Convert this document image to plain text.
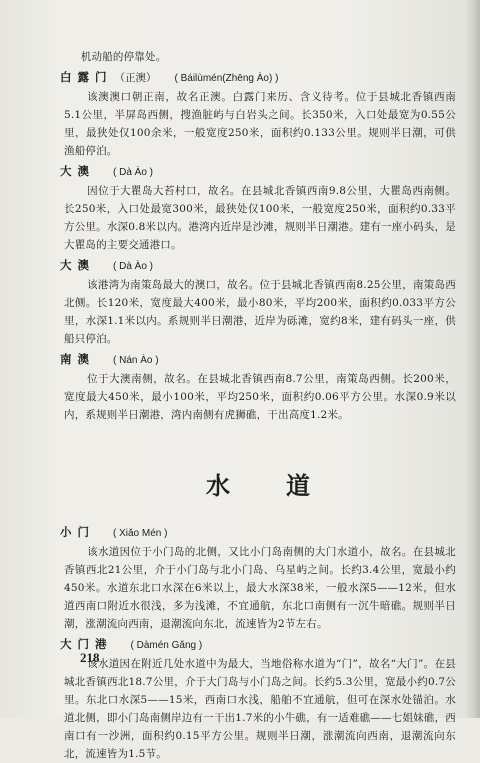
机动船的停靠处。

白露门 （正澳） ( Báilùmén(Zhēng Ào) )

该澳澳口朝正南，故名正澳。白露门来历、含义待考。位于县城北香镇西南5.1公里，半屏岛西侧，搜渔脏屿与白岩头之间。长350米，入口处最宽为0.55公里，最狭处仅100余米，一般宽度250米，面积约0.133公里。规则半日潮，可供渔船停泊。

大澳 ( Dà Ào )

因位于大瞿岛大苔村口，故名。在县城北香镇西南9.8公里，大瞿岛西南侧。长250米，入口处最宽300米，最狭处仅100米，一般宽度250米，面积约0.33平方公里。水深0.8米以内。港湾内近岸是沙滩，规则半日潮港。建有一座小码头，是大瞿岛的主要交通港口。

大澳 ( Dà Ào )

该港湾为南策岛最大的澳口，故名。位于县城北香镇西南8.25公里，南策岛西北侧。长120米，宽度最大400米，最小80米，平均200米，面积约0.033平方公里，水深1.1米以内。系规则半日潮港，近岸为砾滩，宽约8米，建有码头一座，供船只停泊。

南澳 ( Nán Ào )

位于大澳南侧，故名。在县城北香镇西南8.7公里，南策岛西侧。长200米，宽度最大450米，最小100米，平均250米，面积约0.06平方公里。水深0.9米以内，系规则半日潮港，湾内南侧有虎狮礁，干出高度1.2米。

水道
小门 ( Xiǎo Mén )

该水道因位于小门岛的北侧，又比小门岛南侧的大门水道小，故名。在县城北香镇西北21公里，介于小门岛与北小门岛、乌星屿之间。长约3.4公里，宽最小约450米。水道东北口水深在6米以上，最大水深38米，一般水深5——12米，但水道西南口附近水很浅，多为浅滩，不宜通航，东北口南侧有一沉牛暗礁。规则半日潮，涨潮流向西南，退潮流向东北，流速皆为2节左右。

大门港 ( Dàmén Gǎng )

该水道因在附近几处水道中为最大，当地俗称水道为“门”，故名“大门”。在县城北香镇西北18.7公里，介于大门岛与小门岛之间。长约5.3公里，宽最小约0.7公里。东北口水深5——15米，西南口水浅，船舶不宜通航，但可在深水处锚泊。水道北侧，即小门岛南侧岸边有一干出1.7米的小牛礁，有一适难礁——七姐妹礁，西南口有一沙洲，面积约0.15平方公里。规则半日潮，涨潮流向西南，退潮流向东北，流速皆为1.5节。

218
